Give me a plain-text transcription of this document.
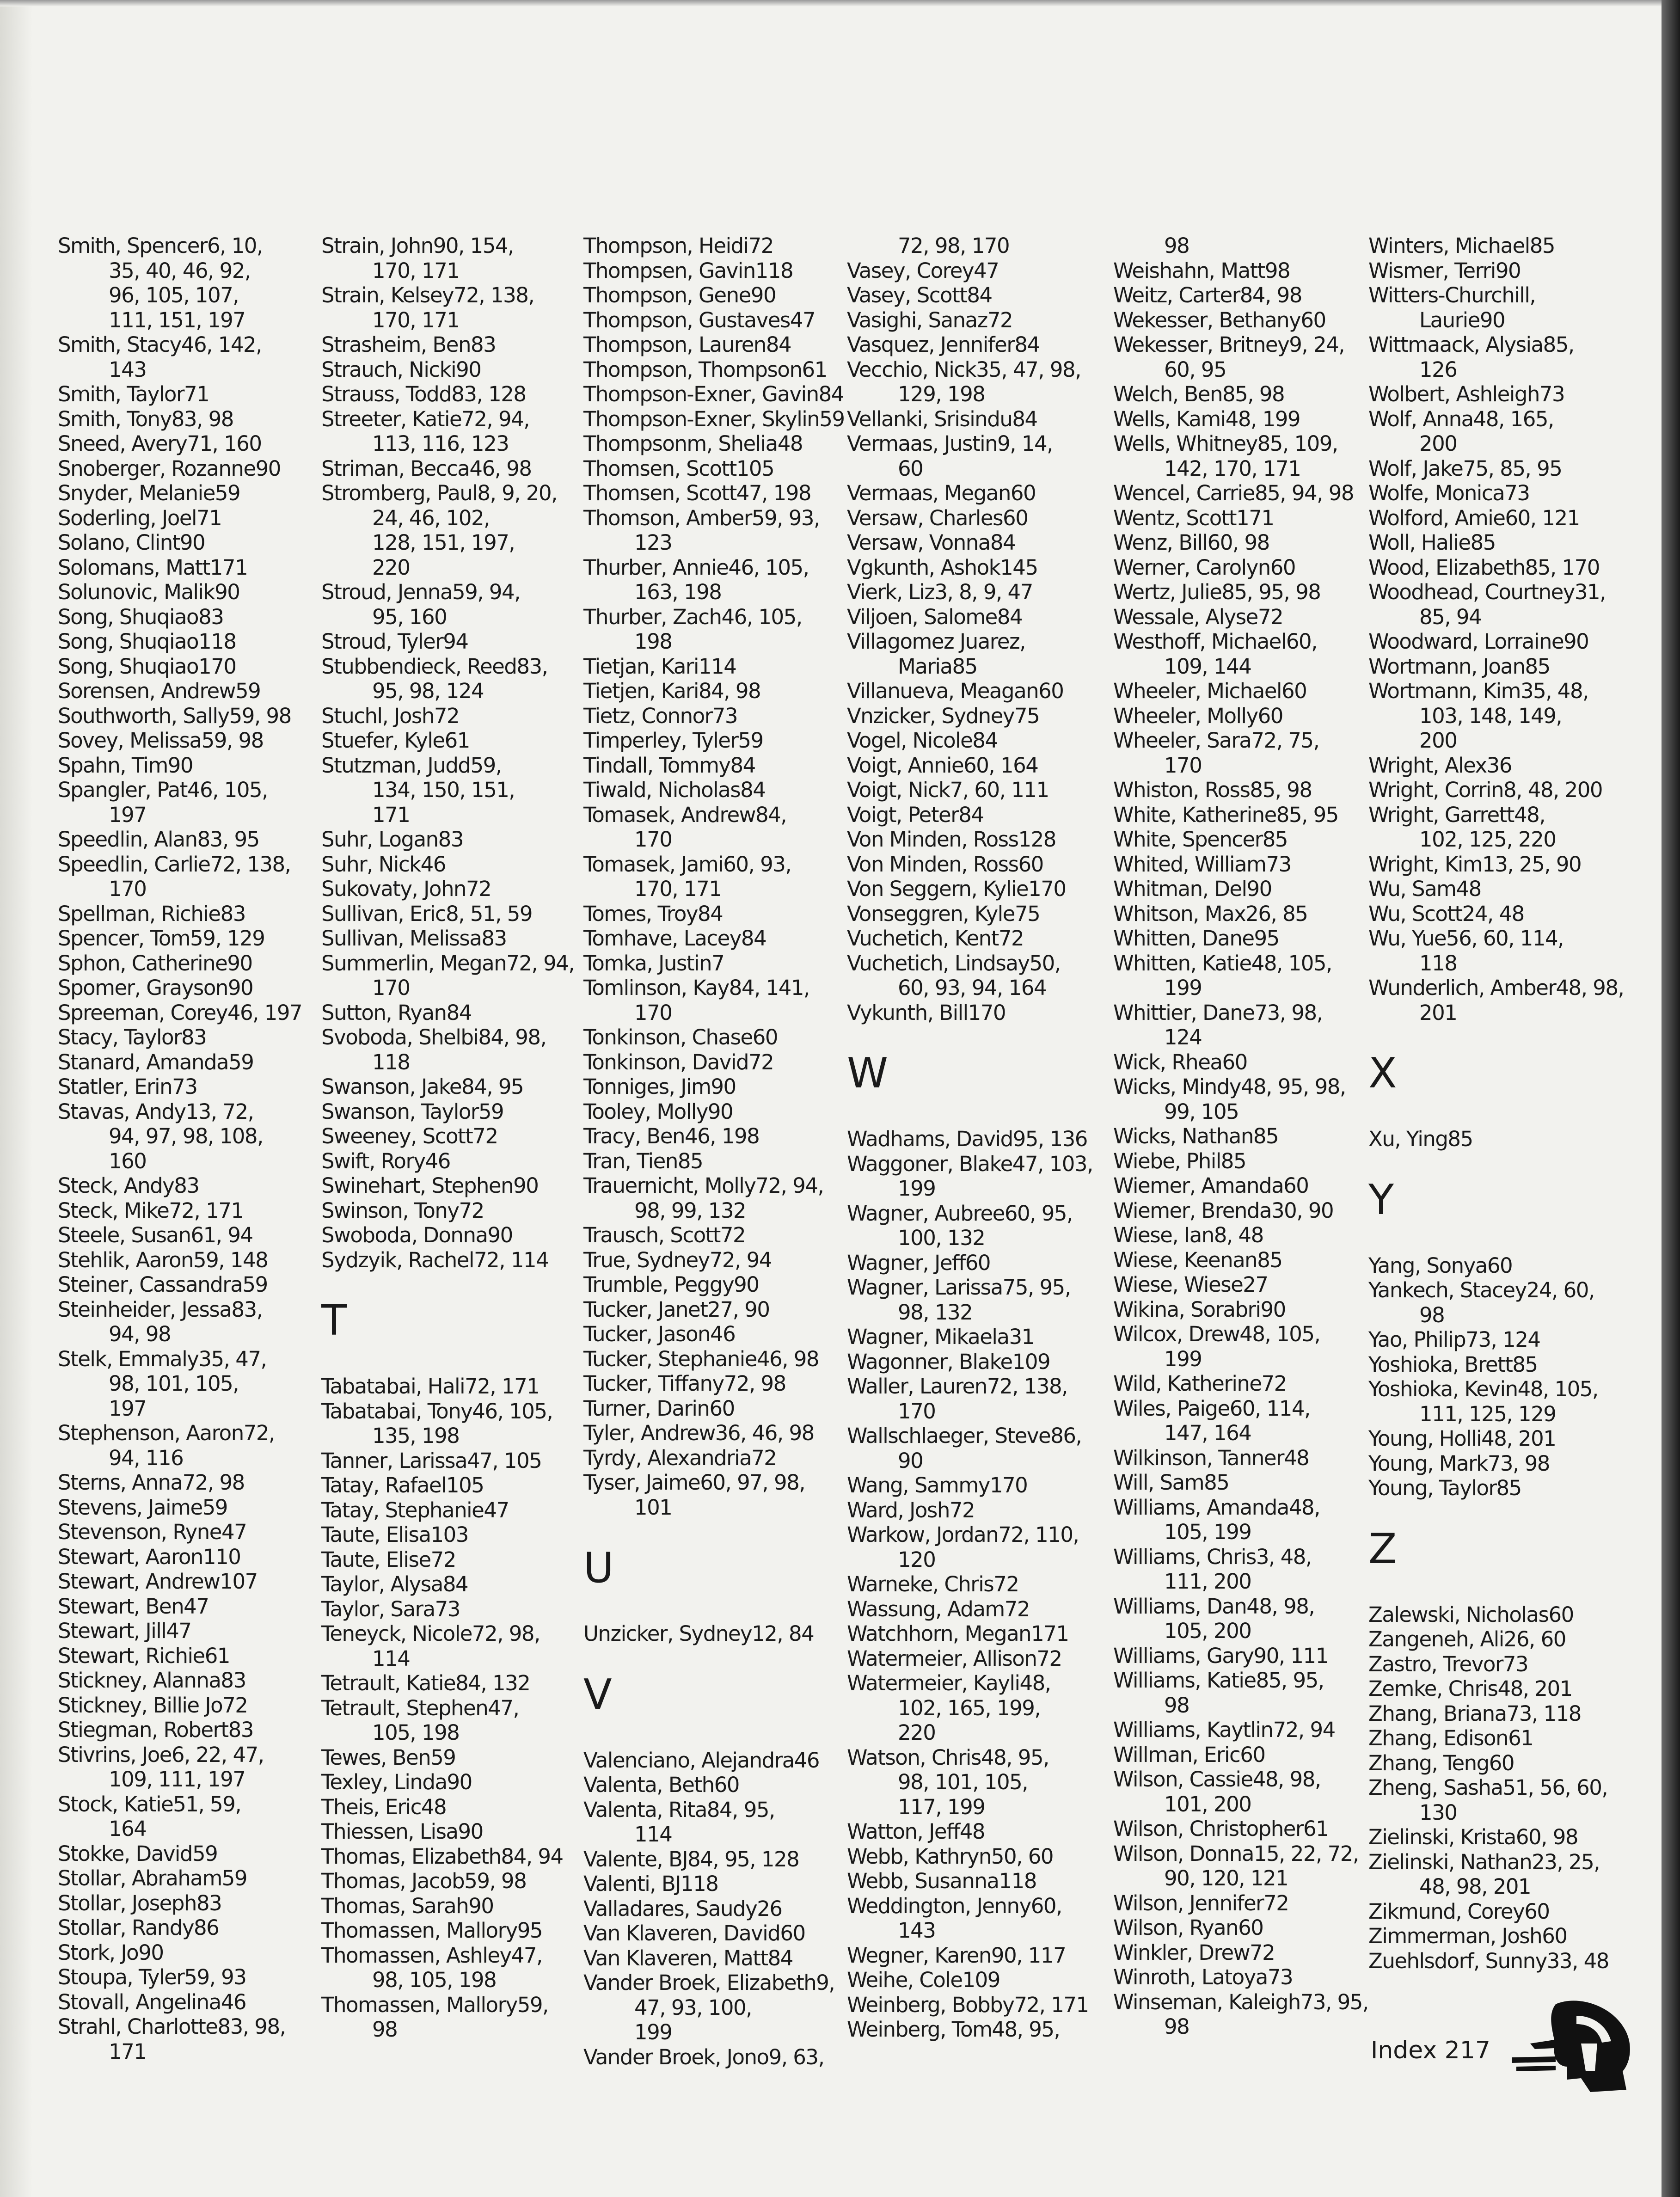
Smith, Spencer6, 10,
35, 40, 46, 92,
96, 105, 107,
111, 151, 197
Smith, Stacy46, 142,
143
Smith, Taylor71
Smith, Tony83, 98
Sneed, Avery71, 160
Snoberger, Rozanne90
Snyder, Melanie59
Soderling, Joel71
Solano, Clint90
Solomans, Matt171
Solunovic, Malik90
Song, Shuqiao83
Song, Shuqiao118
Song, Shuqiao170
Sorensen, Andrew59
Southworth, Sally59, 98
Sovey, Melissa59, 98
Spahn, Tim90
Spangler, Pat46, 105,
197
Speedlin, Alan83, 95
Speedlin, Carlie72, 138,
170
Spellman, Richie83
Spencer, Tom59, 129
Sphon, Catherine90
Spomer, Grayson90
Spreeman, Corey46, 197
Stacy, Taylor83
Stanard, Amanda59
Statler, Erin73
Stavas, Andy13, 72,
94, 97, 98, 108,
160
Steck, Andy83
Steck, Mike72, 171
Steele, Susan61, 94
Stehlik, Aaron59, 148
Steiner, Cassandra59
Steinheider, Jessa83,
94, 98
Stelk, Emmaly35, 47,
98, 101, 105,
197
Stephenson, Aaron72,
94, 116
Sterns, Anna72, 98
Stevens, Jaime59
Stevenson, Ryne47
Stewart, Aaron110
Stewart, Andrew107
Stewart, Ben47
Stewart, Jill47
Stewart, Richie61
Stickney, Alanna83
Stickney, Billie Jo72
Stiegman, Robert83
Stivrins, Joe6, 22, 47,
109, 111, 197
Stock, Katie51, 59,
164
Stokke, David59
Stollar, Abraham59
Stollar, Joseph83
Stollar, Randy86
Stork, Jo90
Stoupa, Tyler59, 93
Stovall, Angelina46
Strahl, Charlotte83, 98,
171
Strain, John90, 154,
170, 171
Strain, Kelsey72, 138,
170, 171
Strasheim, Ben83
Strauch, Nicki90
Strauss, Todd83, 128
Streeter, Katie72, 94,
113, 116, 123
Striman, Becca46, 98
Stromberg, Paul8, 9, 20,
24, 46, 102,
128, 151, 197,
220
Stroud, Jenna59, 94,
95, 160
Stroud, Tyler94
Stubbendieck, Reed83,
95, 98, 124
Stuchl, Josh72
Stuefer, Kyle61
Stutzman, Judd59,
134, 150, 151,
171
Suhr, Logan83
Suhr, Nick46
Sukovaty, John72
Sullivan, Eric8, 51, 59
Sullivan, Melissa83
Summerlin, Megan72, 94,
170
Sutton, Ryan84
Svoboda, Shelbi84, 98,
118
Swanson, Jake84, 95
Swanson, Taylor59
Sweeney, Scott72
Swift, Rory46
Swinehart, Stephen90
Swinson, Tony72
Swoboda, Donna90
Sydzyik, Rachel72, 114
T
Tabatabai, Hali72, 171
Tabatabai, Tony46, 105,
135, 198
Tanner, Larissa47, 105
Tatay, Rafael105
Tatay, Stephanie47
Taute, Elisa103
Taute, Elise72
Taylor, Alysa84
Taylor, Sara73
Teneyck, Nicole72, 98,
114
Tetrault, Katie84, 132
Tetrault, Stephen47,
105, 198
Tewes, Ben59
Texley, Linda90
Theis, Eric48
Thiessen, Lisa90
Thomas, Elizabeth84, 94
Thomas, Jacob59, 98
Thomas, Sarah90
Thomassen, Mallory95
Thomassen, Ashley47,
98, 105, 198
Thomassen, Mallory59,
98
Thompson, Heidi72
Thompsen, Gavin118
Thompson, Gene90
Thompson, Gustaves47
Thompson, Lauren84
Thompson, Thompson61
Thompson-Exner, Gavin84
Thompson-Exner, Skylin59
Thompsonm, Shelia48
Thomsen, Scott105
Thomsen, Scott47, 198
Thomson, Amber59, 93,
123
Thurber, Annie46, 105,
163, 198
Thurber, Zach46, 105,
198
Tietjan, Kari114
Tietjen, Kari84, 98
Tietz, Connor73
Timperley, Tyler59
Tindall, Tommy84
Tiwald, Nicholas84
Tomasek, Andrew84,
170
Tomasek, Jami60, 93,
170, 171
Tomes, Troy84
Tomhave, Lacey84
Tomka, Justin7
Tomlinson, Kay84, 141,
170
Tonkinson, Chase60
Tonkinson, David72
Tonniges, Jim90
Tooley, Molly90
Tracy, Ben46, 198
Tran, Tien85
Trauernicht, Molly72, 94,
98, 99, 132
Trausch, Scott72
True, Sydney72, 94
Trumble, Peggy90
Tucker, Janet27, 90
Tucker, Jason46
Tucker, Stephanie46, 98
Tucker, Tiffany72, 98
Turner, Darin60
Tyler, Andrew36, 46, 98
Tyrdy, Alexandria72
Tyser, Jaime60, 97, 98,
101
U
Unzicker, Sydney12, 84
V
Valenciano, Alejandra46
Valenta, Beth60
Valenta, Rita84, 95,
114
Valente, BJ84, 95, 128
Valenti, BJ118
Valladares, Saudy26
Van Klaveren, David60
Van Klaveren, Matt84
Vander Broek, Elizabeth9,
47, 93, 100,
199
Vander Broek, Jono9, 63,
72, 98, 170
Vasey, Corey47
Vasey, Scott84
Vasighi, Sanaz72
Vasquez, Jennifer84
Vecchio, Nick35, 47, 98,
129, 198
Vellanki, Srisindu84
Vermaas, Justin9, 14,
60
Vermaas, Megan60
Versaw, Charles60
Versaw, Vonna84
Vgkunth, Ashok145
Vierk, Liz3, 8, 9, 47
Viljoen, Salome84
Villagomez Juarez,
Maria85
Villanueva, Meagan60
Vnzicker, Sydney75
Vogel, Nicole84
Voigt, Annie60, 164
Voigt, Nick7, 60, 111
Voigt, Peter84
Von Minden, Ross128
Von Minden, Ross60
Von Seggern, Kylie170
Vonseggren, Kyle75
Vuchetich, Kent72
Vuchetich, Lindsay50,
60, 93, 94, 164
Vykunth, Bill170
W
Wadhams, David95, 136
Waggoner, Blake47, 103,
199
Wagner, Aubree60, 95,
100, 132
Wagner, Jeff60
Wagner, Larissa75, 95,
98, 132
Wagner, Mikaela31
Wagonner, Blake109
Waller, Lauren72, 138,
170
Wallschlaeger, Steve86,
90
Wang, Sammy170
Ward, Josh72
Warkow, Jordan72, 110,
120
Warneke, Chris72
Wassung, Adam72
Watchhorn, Megan171
Watermeier, Allison72
Watermeier, Kayli48,
102, 165, 199,
220
Watson, Chris48, 95,
98, 101, 105,
117, 199
Watton, Jeff48
Webb, Kathryn50, 60
Webb, Susanna118
Weddington, Jenny60,
143
Wegner, Karen90, 117
Weihe, Cole109
Weinberg, Bobby72, 171
Weinberg, Tom48, 95,
98
Weishahn, Matt98
Weitz, Carter84, 98
Wekesser, Bethany60
Wekesser, Britney9, 24,
60, 95
Welch, Ben85, 98
Wells, Kami48, 199
Wells, Whitney85, 109,
142, 170, 171
Wencel, Carrie85, 94, 98
Wentz, Scott171
Wenz, Bill60, 98
Werner, Carolyn60
Wertz, Julie85, 95, 98
Wessale, Alyse72
Westhoff, Michael60,
109, 144
Wheeler, Michael60
Wheeler, Molly60
Wheeler, Sara72, 75,
170
Whiston, Ross85, 98
White, Katherine85, 95
White, Spencer85
Whited, William73
Whitman, Del90
Whitson, Max26, 85
Whitten, Dane95
Whitten, Katie48, 105,
199
Whittier, Dane73, 98,
124
Wick, Rhea60
Wicks, Mindy48, 95, 98,
99, 105
Wicks, Nathan85
Wiebe, Phil85
Wiemer, Amanda60
Wiemer, Brenda30, 90
Wiese, Ian8, 48
Wiese, Keenan85
Wiese, Wiese27
Wikina, Sorabri90
Wilcox, Drew48, 105,
199
Wild, Katherine72
Wiles, Paige60, 114,
147, 164
Wilkinson, Tanner48
Will, Sam85
Williams, Amanda48,
105, 199
Williams, Chris3, 48,
111, 200
Williams, Dan48, 98,
105, 200
Williams, Gary90, 111
Williams, Katie85, 95,
98
Williams, Kaytlin72, 94
Willman, Eric60
Wilson, Cassie48, 98,
101, 200
Wilson, Christopher61
Wilson, Donna15, 22, 72,
90, 120, 121
Wilson, Jennifer72
Wilson, Ryan60
Winkler, Drew72
Winroth, Latoya73
Winseman, Kaleigh73, 95,
98
Winters, Michael85
Wismer, Terri90
Witters-Churchill,
Laurie90
Wittmaack, Alysia85,
126
Wolbert, Ashleigh73
Wolf, Anna48, 165,
200
Wolf, Jake75, 85, 95
Wolfe, Monica73
Wolford, Amie60, 121
Woll, Halie85
Wood, Elizabeth85, 170
Woodhead, Courtney31,
85, 94
Woodward, Lorraine90
Wortmann, Joan85
Wortmann, Kim35, 48,
103, 148, 149,
200
Wright, Alex36
Wright, Corrin8, 48, 200
Wright, Garrett48,
102, 125, 220
Wright, Kim13, 25, 90
Wu, Sam48
Wu, Scott24, 48
Wu, Yue56, 60, 114,
118
Wunderlich, Amber48, 98,
201
X
Xu, Ying85
Y
Yang, Sonya60
Yankech, Stacey24, 60,
98
Yao, Philip73, 124
Yoshioka, Brett85
Yoshioka, Kevin48, 105,
111, 125, 129
Young, Holli48, 201
Young, Mark73, 98
Young, Taylor85
Z
Zalewski, Nicholas60
Zangeneh, Ali26, 60
Zastro, Trevor73
Zemke, Chris48, 201
Zhang, Briana73, 118
Zhang, Edison61
Zhang, Teng60
Zheng, Sasha51, 56, 60,
130
Zielinski, Krista60, 98
Zielinski, Nathan23, 25,
48, 98, 201
Zikmund, Corey60
Zimmerman, Josh60
Zuehlsdorf, Sunny33, 48
Index 217
